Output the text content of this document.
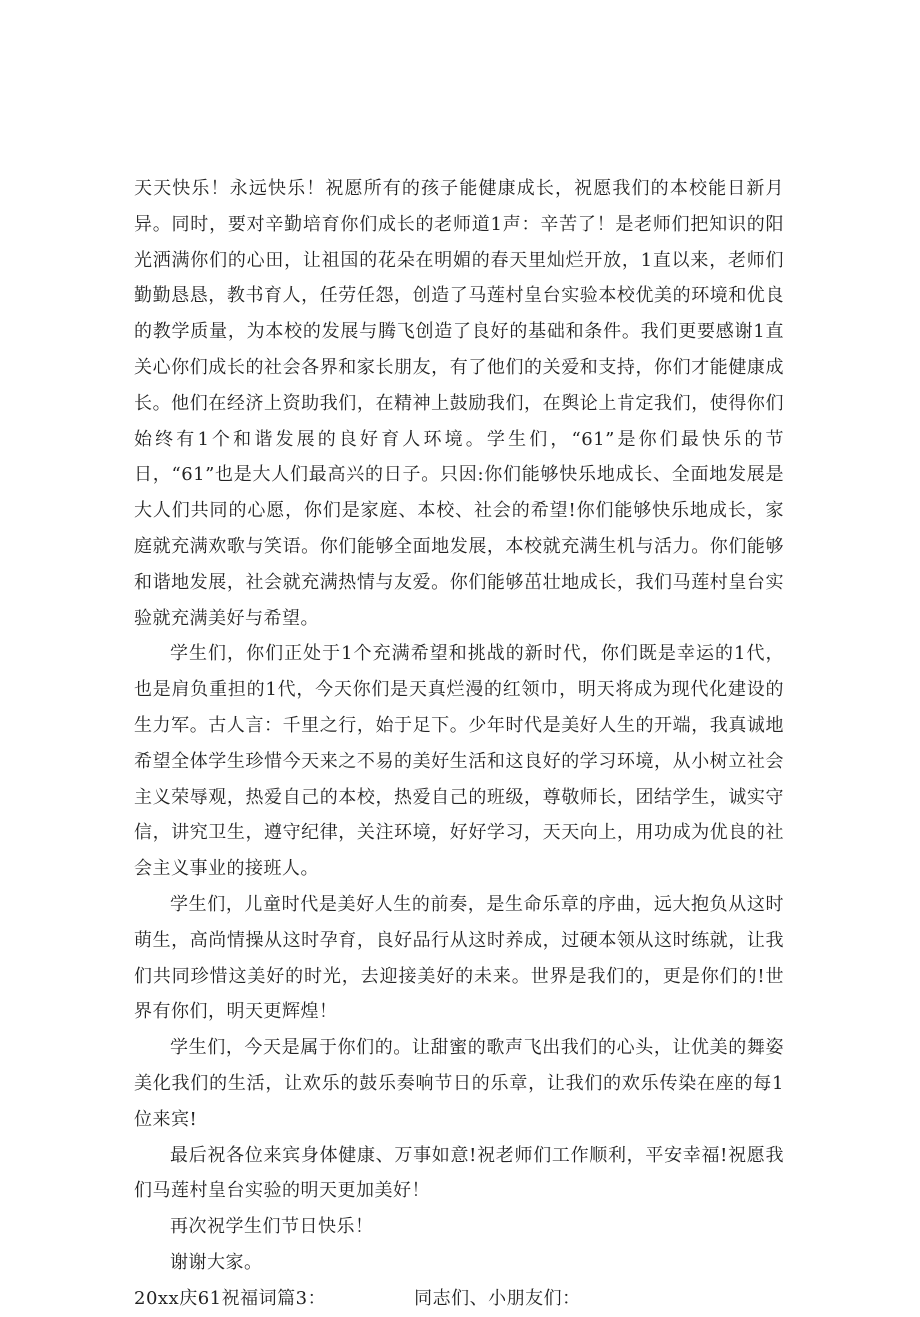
天天快乐！永远快乐！祝愿所有的孩子能健康成长，祝愿我们的本校能日新月异。同时，要对辛勤培育你们成长的老师道1声：辛苦了！是老师们把知识的阳光洒满你们的心田，让祖国的花朵在明媚的春天里灿烂开放，1直以来，老师们勤勤恳恳，教书育人，任劳任怨，创造了马莲村皇台实验本校优美的环境和优良的教学质量，为本校的发展与腾飞创造了良好的基础和条件。我们更要感谢1直关心你们成长的社会各界和家长朋友，有了他们的关爱和支持，你们才能健康成长。他们在经济上资助我们，在精神上鼓励我们，在舆论上肯定我们，使得你们始终有1个和谐发展的良好育人环境。学生们，“61”是你们最快乐的节日，“61”也是大人们最高兴的日子。只因:你们能够快乐地成长、全面地发展是大人们共同的心愿，你们是家庭、本校、社会的希望!你们能够快乐地成长，家庭就充满欢歌与笑语。你们能够全面地发展，本校就充满生机与活力。你们能够和谐地发展，社会就充满热情与友爱。你们能够茁壮地成长，我们马莲村皇台实验就充满美好与希望。

学生们，你们正处于1个充满希望和挑战的新时代，你们既是幸运的1代，也是肩负重担的1代，今天你们是天真烂漫的红领巾，明天将成为现代化建设的生力军。古人言：千里之行，始于足下。少年时代是美好人生的开端，我真诚地希望全体学生珍惜今天来之不易的美好生活和这良好的学习环境，从小树立社会主义荣辱观，热爱自己的本校，热爱自己的班级，尊敬师长，团结学生，诚实守信，讲究卫生，遵守纪律，关注环境，好好学习，天天向上，用功成为优良的社会主义事业的接班人。

学生们，儿童时代是美好人生的前奏，是生命乐章的序曲，远大抱负从这时萌生，高尚情操从这时孕育，良好品行从这时养成，过硬本领从这时练就，让我们共同珍惜这美好的时光，去迎接美好的未来。世界是我们的，更是你们的!世界有你们，明天更辉煌！

学生们，今天是属于你们的。让甜蜜的歌声飞出我们的心头，让优美的舞姿美化我们的生活，让欢乐的鼓乐奏响节日的乐章，让我们的欢乐传染在座的每1位来宾!

最后祝各位来宾身体健康、万事如意!祝老师们工作顺利，平安幸福!祝愿我们马莲村皇台实验的明天更加美好！

再次祝学生们节日快乐！

谢谢大家。

20xx庆61祝福词篇3：	同志们、小朋友们：
